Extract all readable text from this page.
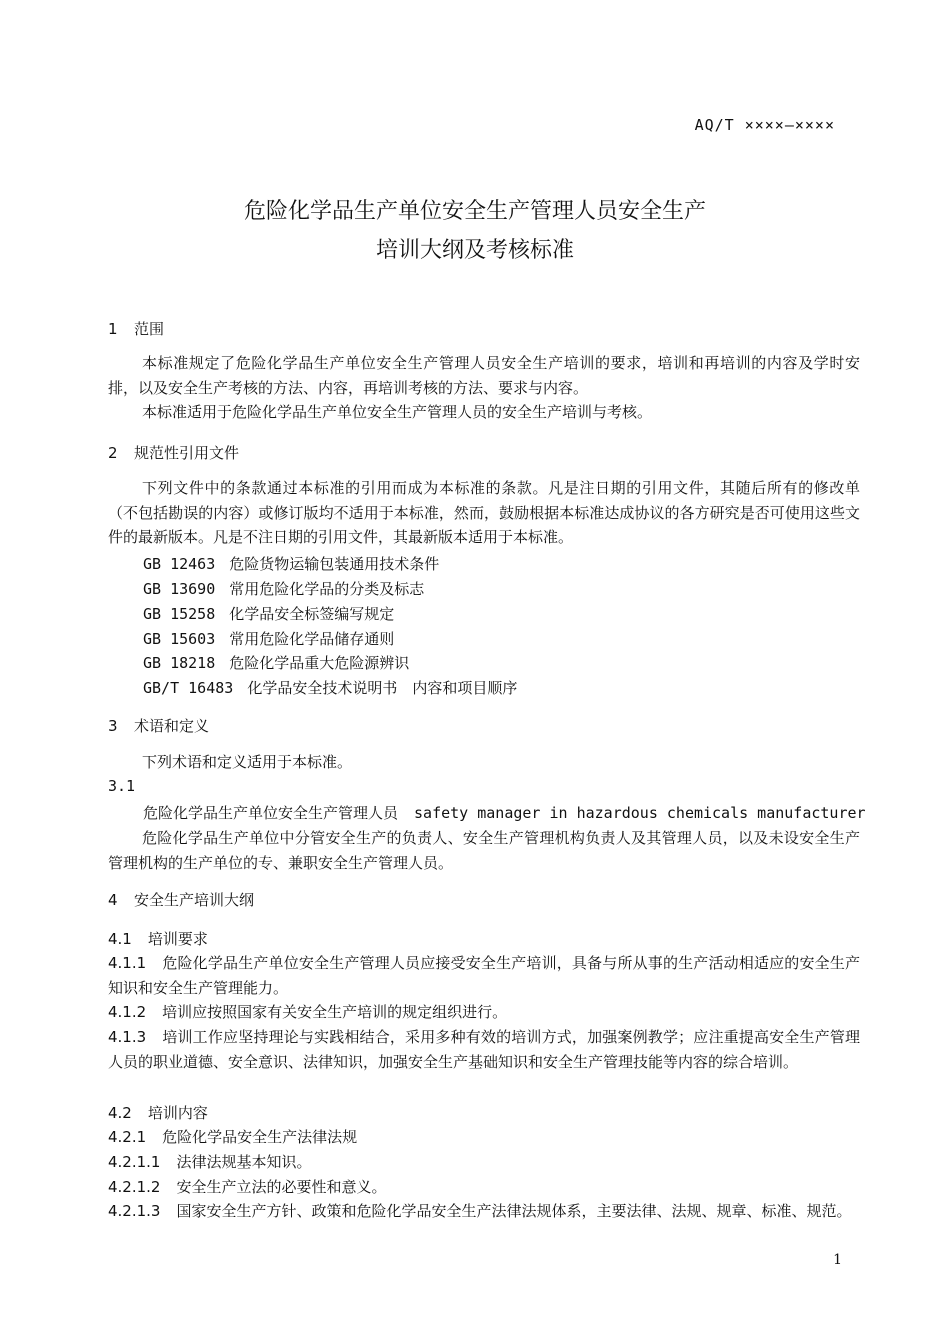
AQ/T ××××—××××
危险化学品生产单位安全生产管理人员安全生产
培训大纲及考核标准
1 范围
本标准规定了危险化学品生产单位安全生产管理人员安全生产培训的要求，培训和再培训的内容及学时安排，以及安全生产考核的方法、内容，再培训考核的方法、要求与内容。
本标准适用于危险化学品生产单位安全生产管理人员的安全生产培训与考核。
2 规范性引用文件
下列文件中的条款通过本标准的引用而成为本标准的条款。凡是注日期的引用文件，其随后所有的修改单（不包括勘误的内容）或修订版均不适用于本标准，然而，鼓励根据本标准达成协议的各方研究是否可使用这些文件的最新版本。凡是不注日期的引用文件，其最新版本适用于本标准。
GB 12463 危险货物运输包装通用技术条件
GB 13690 常用危险化学品的分类及标志
GB 15258 化学品安全标签编写规定
GB 15603 常用危险化学品储存通则
GB 18218 危险化学品重大危险源辨识
GB/T 16483 化学品安全技术说明书　内容和项目顺序
3 术语和定义
下列术语和定义适用于本标准。
3.1
危险化学品生产单位安全生产管理人员 safety manager in hazardous chemicals manufacturer
危险化学品生产单位中分管安全生产的负责人、安全生产管理机构负责人及其管理人员，以及未设安全生产管理机构的生产单位的专、兼职安全生产管理人员。
4 安全生产培训大纲
4.1 培训要求
4.1.1 危险化学品生产单位安全生产管理人员应接受安全生产培训，具备与所从事的生产活动相适应的安全生产知识和安全生产管理能力。
4.1.2 培训应按照国家有关安全生产培训的规定组织进行。
4.1.3 培训工作应坚持理论与实践相结合，采用多种有效的培训方式，加强案例教学；应注重提高安全生产管理人员的职业道德、安全意识、法律知识，加强安全生产基础知识和安全生产管理技能等内容的综合培训。
4.2 培训内容
4.2.1 危险化学品安全生产法律法规
4.2.1.1 法律法规基本知识。
4.2.1.2 安全生产立法的必要性和意义。
4.2.1.3 国家安全生产方针、政策和危险化学品安全生产法律法规体系，主要法律、法规、规章、标准、规范。
1
